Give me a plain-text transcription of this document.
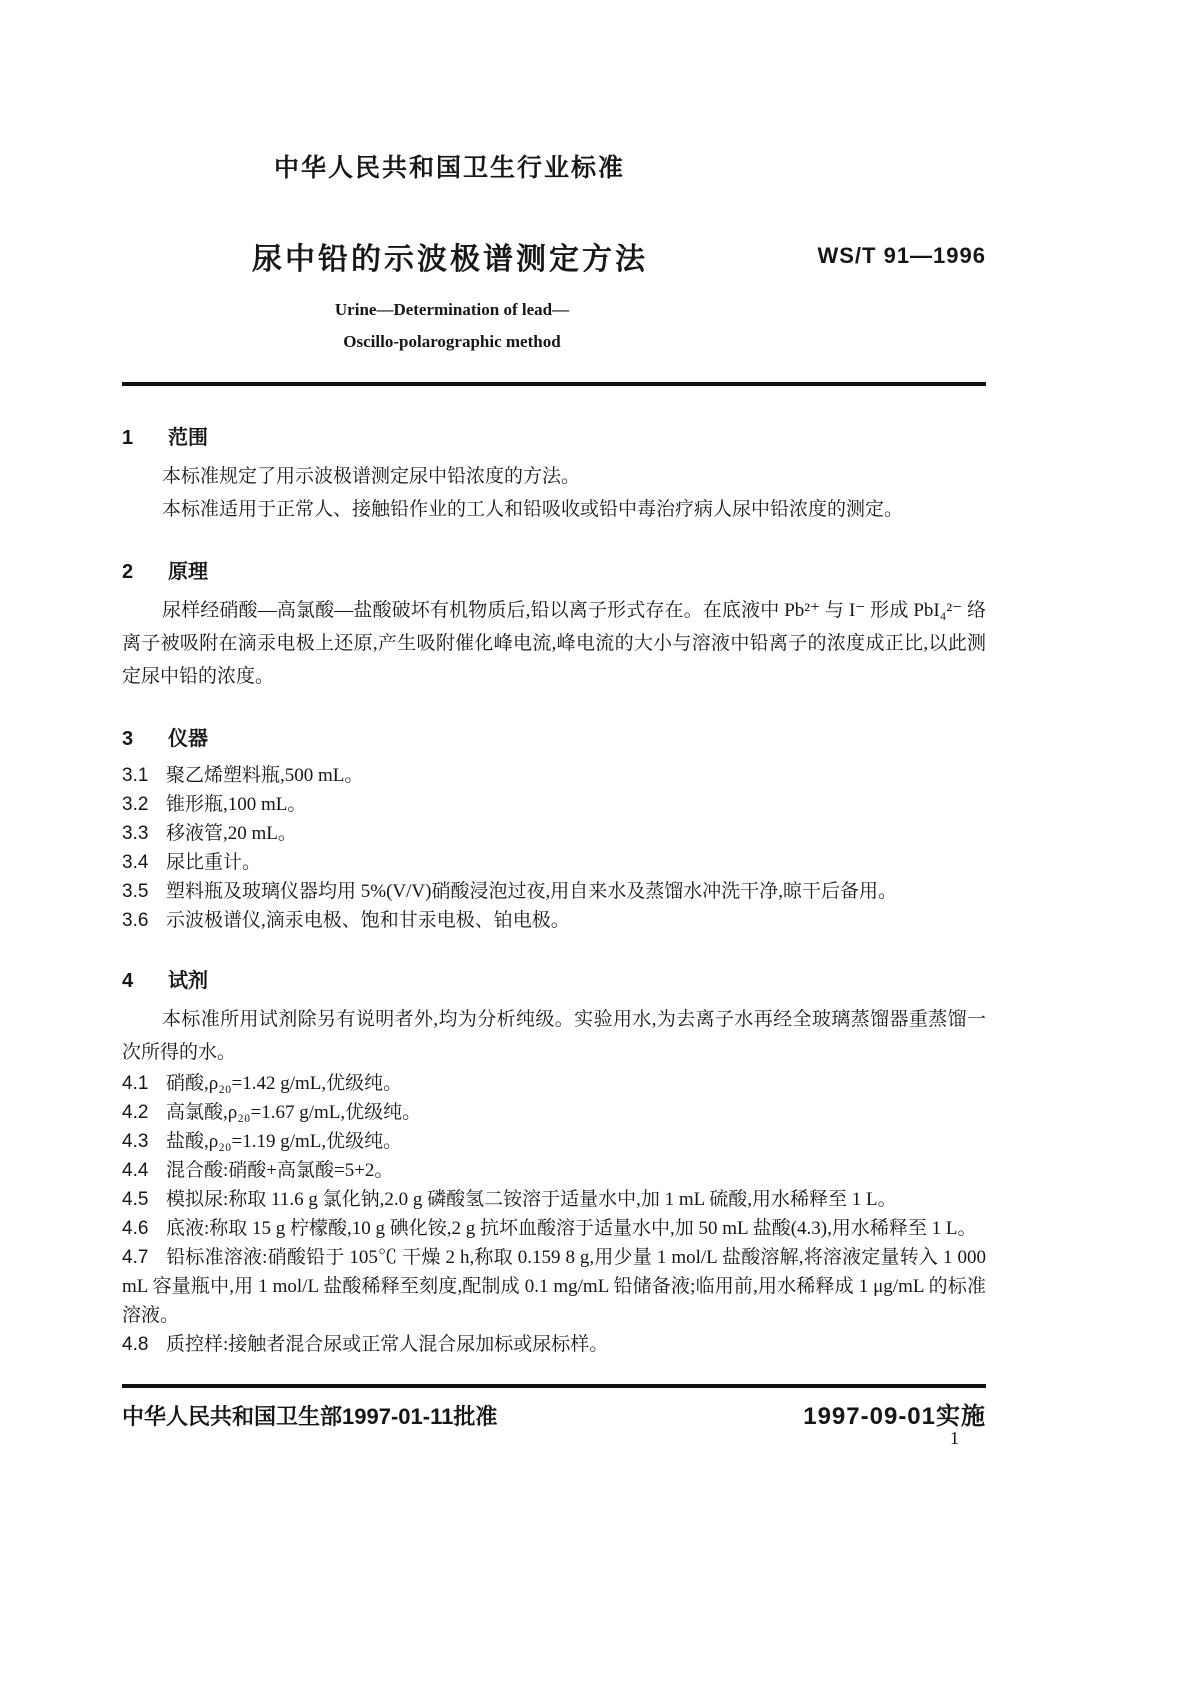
中华人民共和国卫生行业标准
尿中铅的示波极谱测定方法	WS/T 91—1996
Urine—Determination of lead—
Oscillo-polarographic method
1 范围

本标准规定了用示波极谱测定尿中铅浓度的方法。

本标准适用于正常人、接触铅作业的工人和铅吸收或铅中毒治疗病人尿中铅浓度的测定。

2 原理

尿样经硝酸—高氯酸—盐酸破坏有机物质后,铅以离子形式存在。在底液中 Pb²⁺ 与 I⁻ 形成 PbI₄²⁻ 络离子被吸附在滴汞电极上还原,产生吸附催化峰电流,峰电流的大小与溶液中铅离子的浓度成正比,以此测定尿中铅的浓度。

3 仪器

3.1 聚乙烯塑料瓶,500 mL。

3.2 锥形瓶,100 mL。

3.3 移液管,20 mL。

3.4 尿比重计。

3.5 塑料瓶及玻璃仪器均用 5%(V/V)硝酸浸泡过夜,用自来水及蒸馏水冲洗干净,晾干后备用。

3.6 示波极谱仪,滴汞电极、饱和甘汞电极、铂电极。

4 试剂

本标准所用试剂除另有说明者外,均为分析纯级。实验用水,为去离子水再经全玻璃蒸馏器重蒸馏一次所得的水。

4.1 硝酸,ρ₂₀=1.42 g/mL,优级纯。

4.2 高氯酸,ρ₂₀=1.67 g/mL,优级纯。

4.3 盐酸,ρ₂₀=1.19 g/mL,优级纯。

4.4 混合酸:硝酸+高氯酸=5+2。

4.5 模拟尿:称取 11.6 g 氯化钠,2.0 g 磷酸氢二铵溶于适量水中,加 1 mL 硫酸,用水稀释至 1 L。

4.6 底液:称取 15 g 柠檬酸,10 g 碘化铵,2 g 抗坏血酸溶于适量水中,加 50 mL 盐酸(4.3),用水稀释至 1 L。

4.7 铅标准溶液:硝酸铅于 105℃ 干燥 2 h,称取 0.159 8 g,用少量 1 mol/L 盐酸溶解,将溶液定量转入 1 000 mL 容量瓶中,用 1 mol/L 盐酸稀释至刻度,配制成 0.1 mg/mL 铅储备液;临用前,用水稀释成 1 μg/mL 的标准溶液。

4.8 质控样:接触者混合尿或正常人混合尿加标或尿标样。

中华人民共和国卫生部1997-01-11批准	1997-09-01实施
1
